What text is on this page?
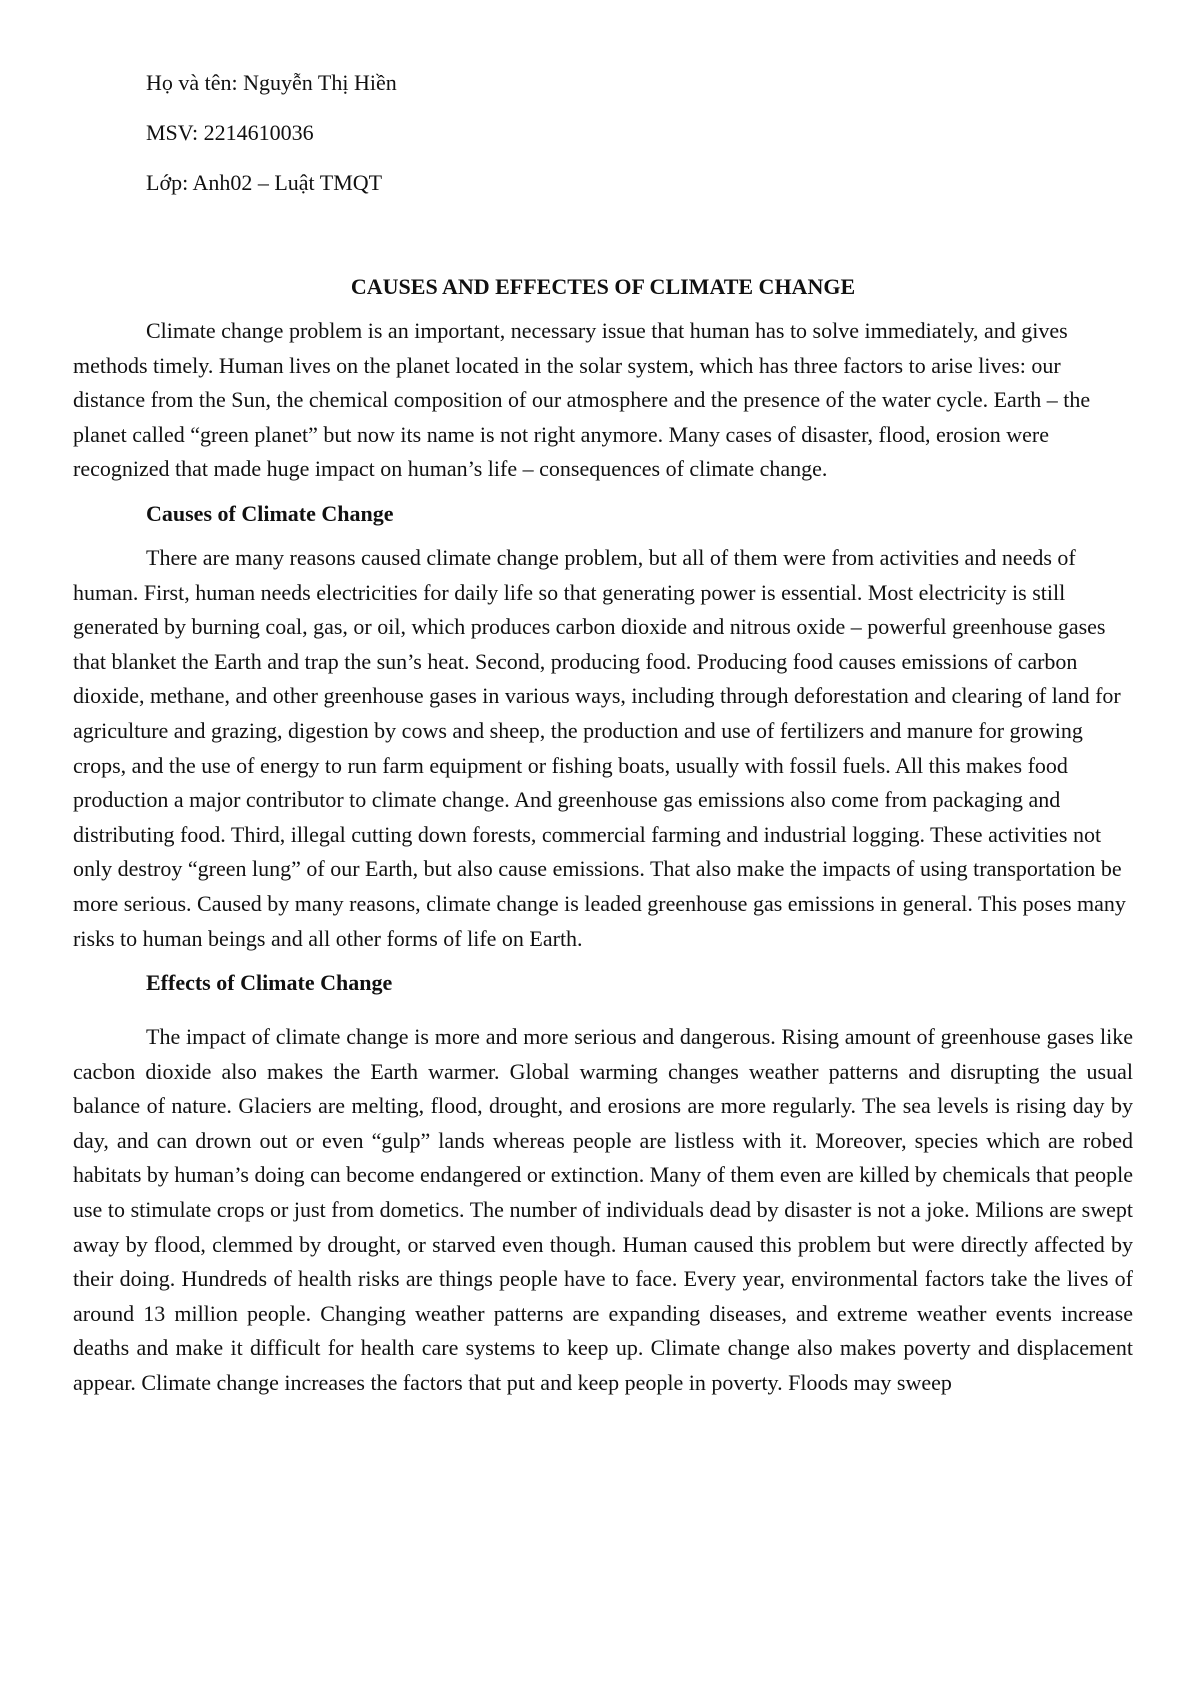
Họ và tên: Nguyễn Thị Hiền
MSV: 2214610036
Lớp: Anh02 – Luật TMQT
CAUSES AND EFFECTES OF CLIMATE CHANGE

Climate change problem is an important, necessary issue that human has to solve immediately, and gives methods timely. Human lives on the planet located in the solar system, which has three factors to arise lives: our distance from the Sun, the chemical composition of our atmosphere and the presence of the water cycle. Earth – the planet called “green planet” but now its name is not right anymore. Many cases of disaster, flood, erosion were recognized that made huge impact on human’s life – consequences of climate change.

Causes of Climate Change

There are many reasons caused climate change problem, but all of them were from activities and needs of human. First, human needs electricities for daily life so that generating power is essential. Most electricity is still generated by burning coal, gas, or oil, which produces carbon dioxide and nitrous oxide – powerful greenhouse gases that blanket the Earth and trap the sun’s heat. Second, producing food. Producing food causes emissions of carbon dioxide, methane, and other greenhouse gases in various ways, including through deforestation and clearing of land for agriculture and grazing, digestion by cows and sheep, the production and use of fertilizers and manure for growing crops, and the use of energy to run farm equipment or fishing boats, usually with fossil fuels. All this makes food production a major contributor to climate change. And greenhouse gas emissions also come from packaging and distributing food. Third, illegal cutting down forests, commercial farming and industrial logging. These activities not only destroy “green lung” of our Earth, but also cause emissions. That also make the impacts of using transportation be more serious. Caused by many reasons, climate change is leaded greenhouse gas emissions in general. This poses many risks to human beings and all other forms of life on Earth.

Effects of Climate Change

The impact of climate change is more and more serious and dangerous. Rising amount of greenhouse gases like cacbon dioxide also makes the Earth warmer. Global warming changes weather patterns and disrupting the usual balance of nature. Glaciers are melting, flood, drought, and erosions are more regularly. The sea levels is rising day by day, and can drown out or even “gulp” lands whereas people are listless with it. Moreover, species which are robed habitats by human’s doing can become endangered or extinction. Many of them even are killed by chemicals that people use to stimulate crops or just from dometics. The number of individuals dead by disaster is not a joke. Milions are swept away by flood, clemmed by drought, or starved even though. Human caused this problem but were directly affected by their doing. Hundreds of health risks are things people have to face. Every year, environmental factors take the lives of around 13 million people. Changing weather patterns are expanding diseases, and extreme weather events increase deaths and make it difficult for health care systems to keep up. Climate change also makes poverty and displacement appear. Climate change increases the factors that put and keep people in poverty. Floods may sweep
